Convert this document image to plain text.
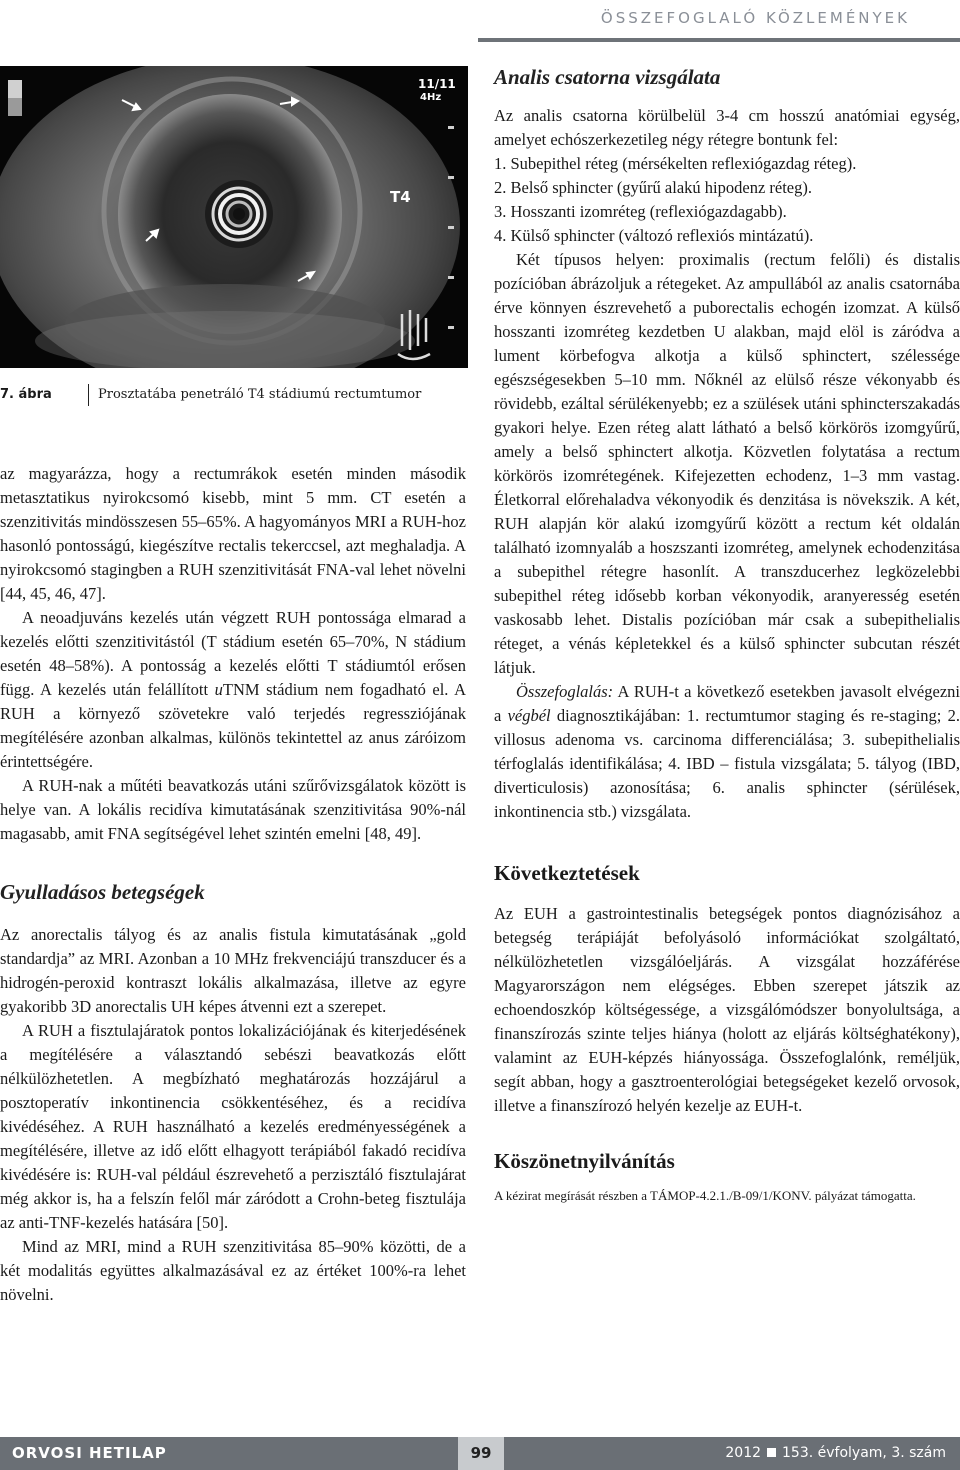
ÖSSZEFOGLALÓ KÖZLEMÉNYEK
11/11
4Hz
T4
7. ábra	Prosztatába penetráló T4 stádiumú rectumtumor

az magyarázza, hogy a rectumrákok esetén minden második metasztatikus nyirokcsomó kisebb, mint 5 mm. CT esetén a szenzitivitás mindösszesen 55–65%. A hagyományos MRI a RUH-hoz hasonló pontosságú, kiegészítve rectalis tekerccsel, azt meghaladja. A nyirokcsomó stagingben a RUH szenzitivitását FNA-val lehet növelni [44, 45, 46, 47].

A neoadjuváns kezelés után végzett RUH pontossága elmarad a kezelés előtti szenzitivitástól (T stádium esetén 65–70%, N stádium esetén 48–58%). A pontosság a kezelés előtti T stádiumtól erősen függ. A kezelés után felállított uTNM stádium nem fogadható el. A RUH a környező szövetekre való terjedés regressziójának megítélésére azonban alkalmas, különös tekintettel az anus záróizom érintettségére.

A RUH-nak a műtéti beavatkozás utáni szűrővizsgálatok között is helye van. A lokális recidíva kimutatásának szenzitivitása 90%-nál magasabb, amit FNA segítségével lehet szintén emelni [48, 49].

Gyulladásos betegségek

Az anorectalis tályog és az analis fistula kimutatásának „gold standardja” az MRI. Azonban a 10 MHz frekvenciájú transzducer és a hidrogén-peroxid kontraszt lokális alkalmazása, illetve az egyre gyakoribb 3D anorectalis UH képes átvenni ezt a szerepet.

A RUH a fisztulajáratok pontos lokalizációjának és kiterjedésének a megítélésére a választandó sebészi beavatkozás előtt nélkülözhetetlen. A megbízható meghatározás hozzájárul a posztoperatív inkontinencia csökkentéséhez, és a recidíva kivédéséhez. A RUH használható a kezelés eredményességének a megítélésére, illetve az idő előtt elhagyott terápiából fakadó recidíva kivédésére is: RUH-val például észrevehető a perzisztáló fisztulajárat még akkor is, ha a felszín felől már záródott a Crohn-beteg fisztulája az anti-TNF-kezelés hatására [50].

Mind az MRI, mind a RUH szenzitivitása 85–90% közötti, de a két modalitás együttes alkalmazásával ez az értéket 100%-ra lehet növelni.

Analis csatorna vizsgálata

Az analis csatorna körülbelül 3-4 cm hosszú anatómiai egység, amelyet echószerkezetileg négy rétegre bontunk fel:

1. Subepithel réteg (mérsékelten reflexiógazdag réteg).

2. Belső sphincter (gyűrű alakú hipodenz réteg).

3. Hosszanti izomréteg (reflexiógazdagabb).

4. Külső sphincter (változó reflexiós mintázatú).

Két típusos helyen: proximalis (rectum felőli) és distalis pozícióban ábrázoljuk a rétegeket. Az ampullából az analis csatornába érve könnyen észrevehető a puborectalis echogén izomzat. A külső hosszanti izomréteg kezdetben U alakban, majd elöl is záródva a lument körbefogva alkotja a külső sphinctert, szélessége egészségesekben 5–10 mm. Nőknél az elülső része vékonyabb és rövidebb, ezáltal sérülékenyebb; ez a szülések utáni sphincterszakadás gyakori helye. Ezen réteg alatt látható a belső körkörös izomgyűrű, amely a belső sphinctert alkotja. Közvetlen folytatása a rectum körkörös izomrétegének. Kifejezetten echodenz, 1–3 mm vastag. Életkorral előrehaladva vékonyodik és denzitása is növekszik. A két, RUH alapján kör alakú izomgyűrű között a rectum két oldalán található izomnyaláb a hoszszanti izomréteg, amelynek echodenzitása a subepithel rétegre hasonlít. A transzducerhez legközelebbi subepithel réteg idősebb korban vékonyodik, aranyeresség esetén vaskosabb lehet. Distalis pozícióban már csak a subepithelialis réteget, a vénás képletekkel és a külső sphincter subcutan részét látjuk.

Összefoglalás: A RUH-t a következő esetekben javasolt elvégezni a végbél diagnosztikájában: 1. rectumtumor staging és re-staging; 2. villosus adenoma vs. carcinoma differenciálása; 3. subepithelialis térfoglalás identifikálása; 4. IBD – fistula vizsgálata; 5. tályog (IBD, diverticulosis) azonosítása; 6. analis sphincter (sérülések, inkontinencia stb.) vizsgálata.

Következtetések

Az EUH a gastrointestinalis betegségek pontos diagnózisához a betegség terápiáját befolyásoló információkat szolgáltató, nélkülözhetetlen vizsgálóeljárás. A vizsgálat hozzáférése Magyarországon nem elégséges. Ebben szerepet játszik az echoendoszkóp költségessége, a vizsgálómódszer bonyolultsága, a finanszírozás szinte teljes hiánya (holott az eljárás költséghatékony), valamint az EUH-képzés hiányossága. Összefoglalónk, reméljük, segít abban, hogy a gasztroenterológiai betegségeket kezelő orvosok, illetve a finanszírozó helyén kezelje az EUH-t.

Köszönetnyilvánítás

A kézirat megírását részben a TÁMOP-4.2.1./B-09/1/KONV. pályázat támogatta.

ORVOSI HETILAP	99	2012 153. évfolyam, 3. szám
